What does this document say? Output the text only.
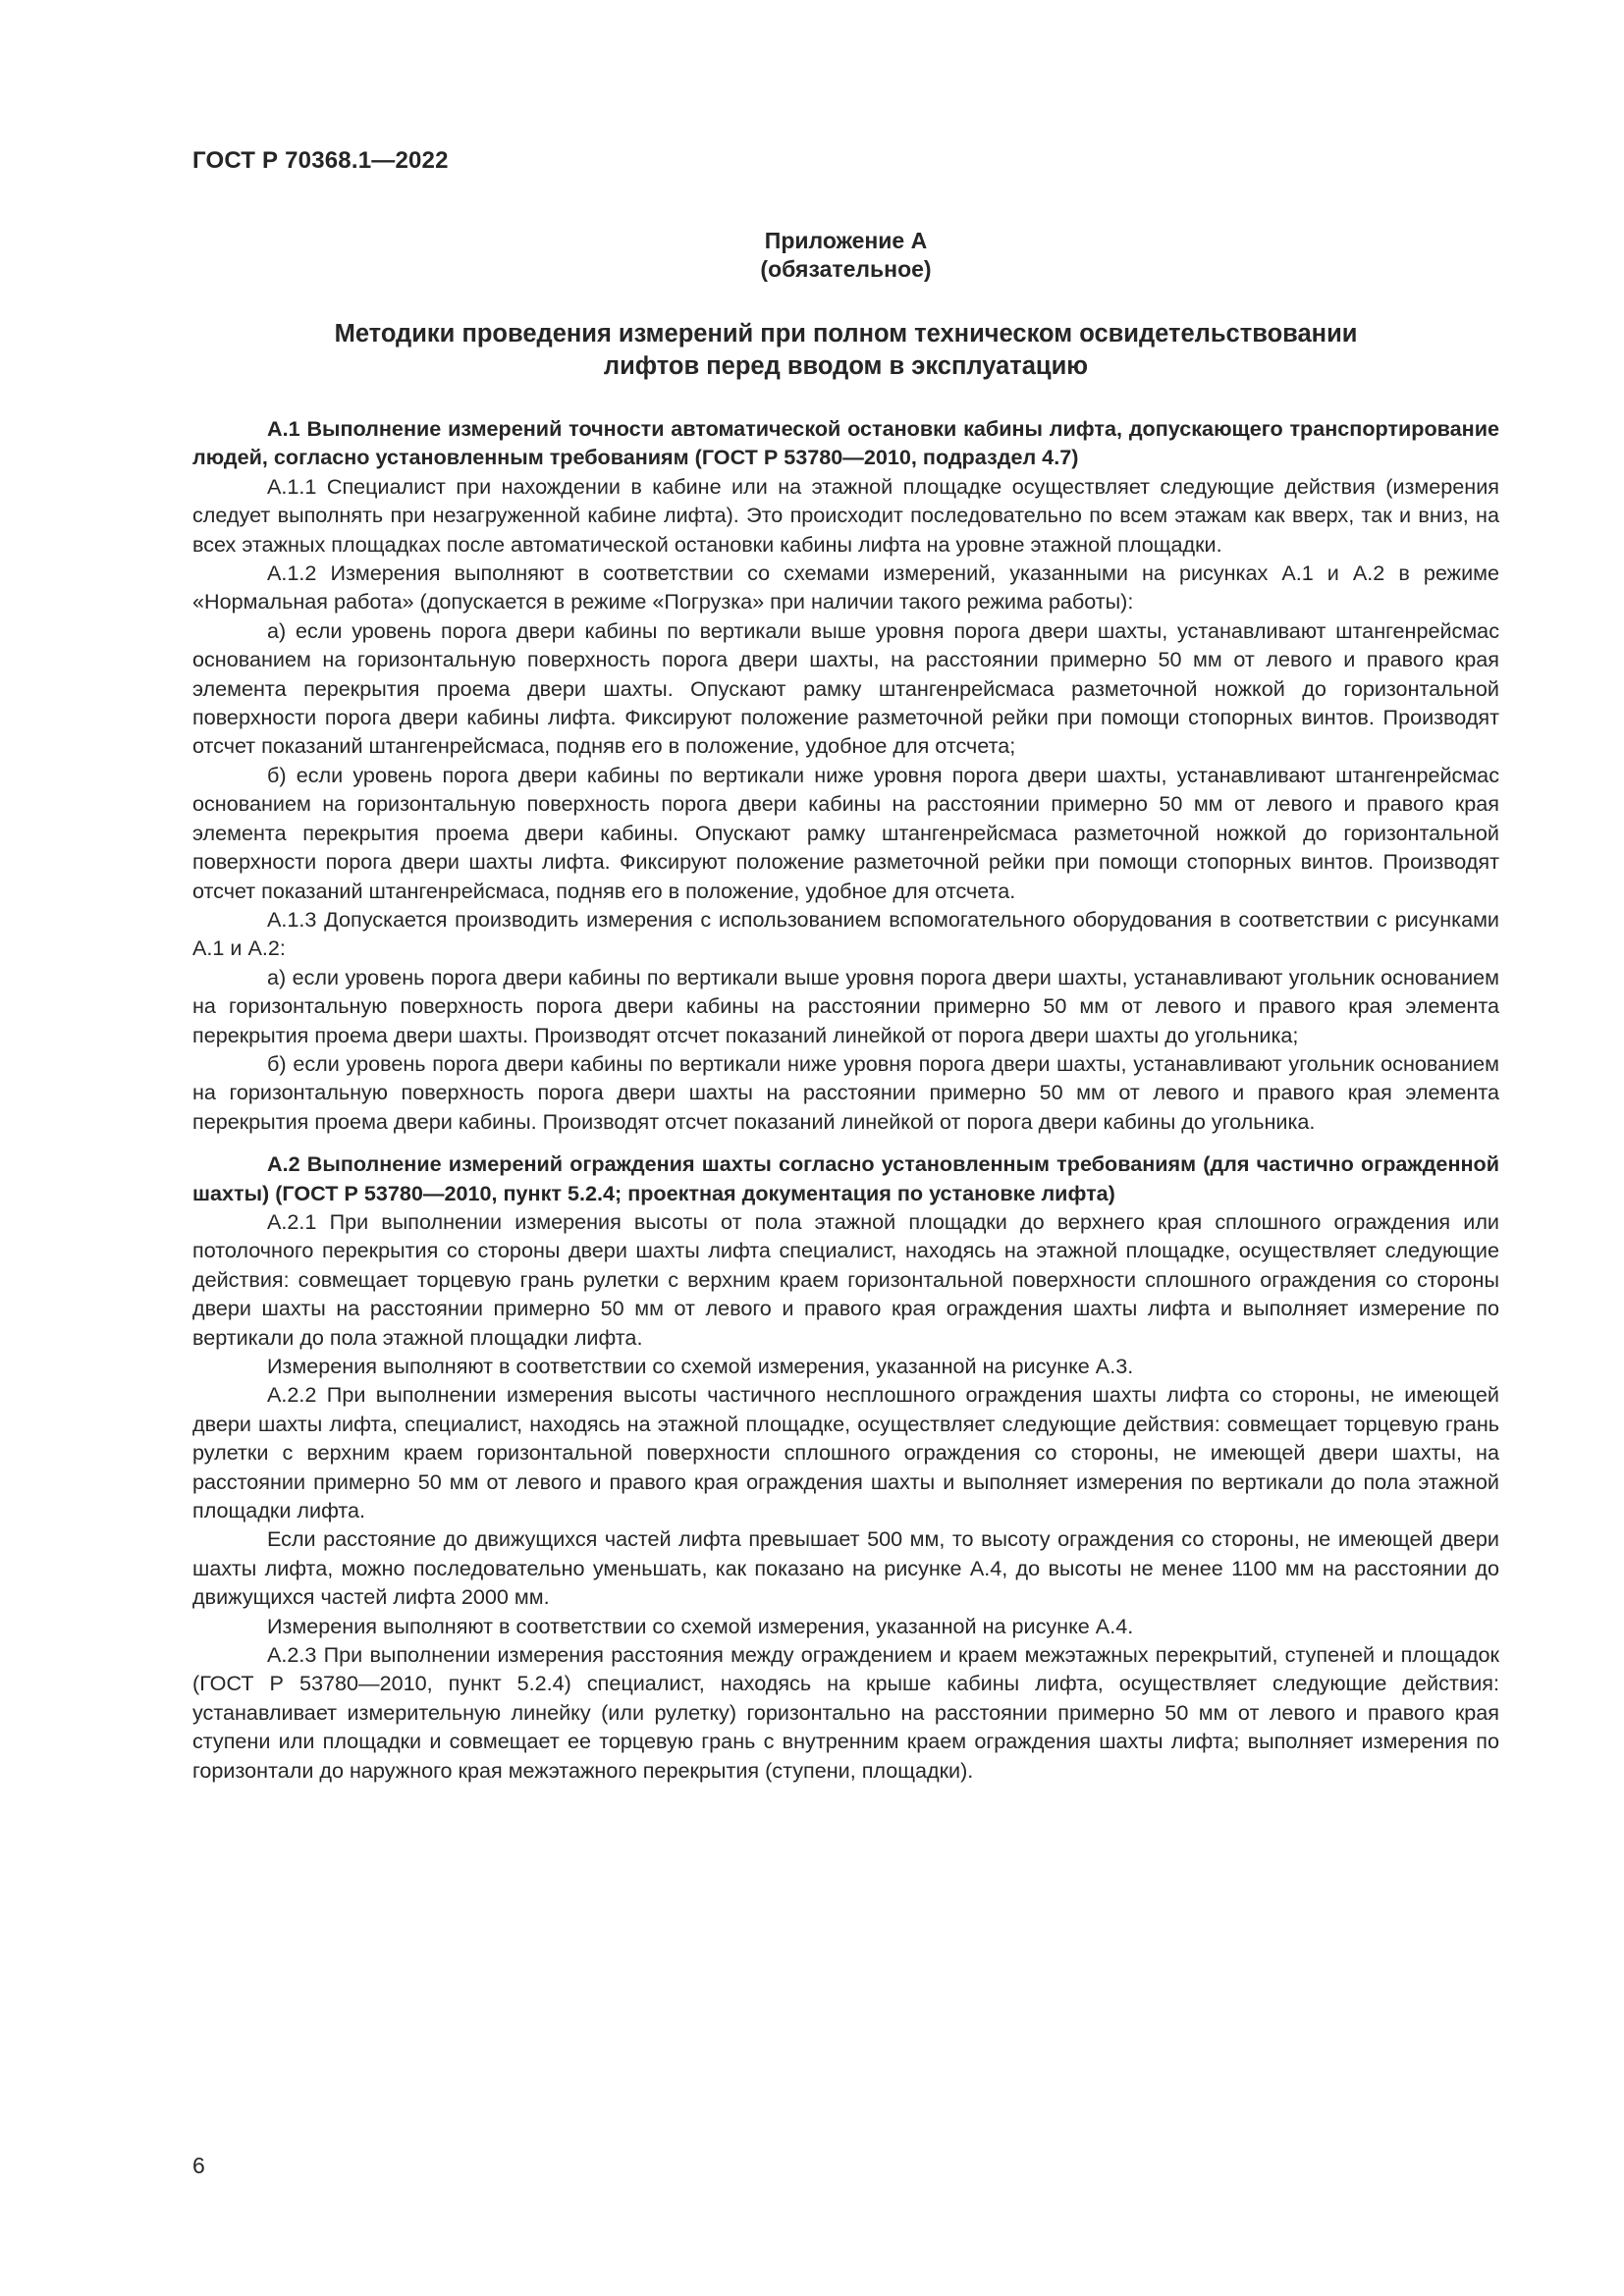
ГОСТ Р 70368.1—2022
Приложение А
(обязательное)
Методики проведения измерений при полном техническом освидетельствовании
лифтов перед вводом в эксплуатацию

А.1 Выполнение измерений точности автоматической остановки кабины лифта, допускающего транспортирование людей, согласно установленным требованиям (ГОСТ Р 53780—2010, подраздел 4.7)

А.1.1 Специалист при нахождении в кабине или на этажной площадке осуществляет следующие действия (измерения следует выполнять при незагруженной кабине лифта). Это происходит последовательно по всем этажам как вверх, так и вниз, на всех этажных площадках после автоматической остановки кабины лифта на уровне этажной площадки.

А.1.2 Измерения выполняют в соответствии со схемами измерений, указанными на рисунках А.1 и А.2 в режиме «Нормальная работа» (допускается в режиме «Погрузка» при наличии такого режима работы):

а) если уровень порога двери кабины по вертикали выше уровня порога двери шахты, устанавливают штангенрейсмас основанием на горизонтальную поверхность порога двери шахты, на расстоянии примерно 50 мм от левого и правого края элемента перекрытия проема двери шахты. Опускают рамку штангенрейсмаса разметочной ножкой до горизонтальной поверхности порога двери кабины лифта. Фиксируют положение разметочной рейки при помощи стопорных винтов. Производят отсчет показаний штангенрейсмаса, подняв его в положение, удобное для отсчета;

б) если уровень порога двери кабины по вертикали ниже уровня порога двери шахты, устанавливают штангенрейсмас основанием на горизонтальную поверхность порога двери кабины на расстоянии примерно 50 мм от левого и правого края элемента перекрытия проема двери кабины. Опускают рамку штангенрейсмаса разметочной ножкой до горизонтальной поверхности порога двери шахты лифта. Фиксируют положение разметочной рейки при помощи стопорных винтов. Производят отсчет показаний штангенрейсмаса, подняв его в положение, удобное для отсчета.

А.1.3 Допускается производить измерения с использованием вспомогательного оборудования в соответствии с рисунками А.1 и А.2:

а) если уровень порога двери кабины по вертикали выше уровня порога двери шахты, устанавливают угольник основанием на горизонтальную поверхность порога двери кабины на расстоянии примерно 50 мм от левого и правого края элемента перекрытия проема двери шахты. Производят отсчет показаний линейкой от порога двери шахты до угольника;

б) если уровень порога двери кабины по вертикали ниже уровня порога двери шахты, устанавливают угольник основанием на горизонтальную поверхность порога двери шахты на расстоянии примерно 50 мм от левого и правого края элемента перекрытия проема двери кабины. Производят отсчет показаний линейкой от порога двери кабины до угольника.

А.2 Выполнение измерений ограждения шахты согласно установленным требованиям (для частично огражденной шахты) (ГОСТ Р 53780—2010, пункт 5.2.4; проектная документация по установке лифта)

А.2.1 При выполнении измерения высоты от пола этажной площадки до верхнего края сплошного ограждения или потолочного перекрытия со стороны двери шахты лифта специалист, находясь на этажной площадке, осуществляет следующие действия: совмещает торцевую грань рулетки с верхним краем горизонтальной поверхности сплошного ограждения со стороны двери шахты на расстоянии примерно 50 мм от левого и правого края ограждения шахты лифта и выполняет измерение по вертикали до пола этажной площадки лифта.

Измерения выполняют в соответствии со схемой измерения, указанной на рисунке А.3.

А.2.2 При выполнении измерения высоты частичного несплошного ограждения шахты лифта со стороны, не имеющей двери шахты лифта, специалист, находясь на этажной площадке, осуществляет следующие действия: совмещает торцевую грань рулетки с верхним краем горизонтальной поверхности сплошного ограждения со стороны, не имеющей двери шахты, на расстоянии примерно 50 мм от левого и правого края ограждения шахты и выполняет измерения по вертикали до пола этажной площадки лифта.

Если расстояние до движущихся частей лифта превышает 500 мм, то высоту ограждения со стороны, не имеющей двери шахты лифта, можно последовательно уменьшать, как показано на рисунке А.4, до высоты не менее 1100 мм на расстоянии до движущихся частей лифта 2000 мм.

Измерения выполняют в соответствии со схемой измерения, указанной на рисунке А.4.

А.2.3 При выполнении измерения расстояния между ограждением и краем межэтажных перекрытий, ступеней и площадок (ГОСТ Р 53780—2010, пункт 5.2.4) специалист, находясь на крыше кабины лифта, осуществляет следующие действия: устанавливает измерительную линейку (или рулетку) горизонтально на расстоянии примерно 50 мм от левого и правого края ступени или площадки и совмещает ее торцевую грань с внутренним краем ограждения шахты лифта; выполняет измерения по горизонтали до наружного края межэтажного перекрытия (ступени, площадки).

6
